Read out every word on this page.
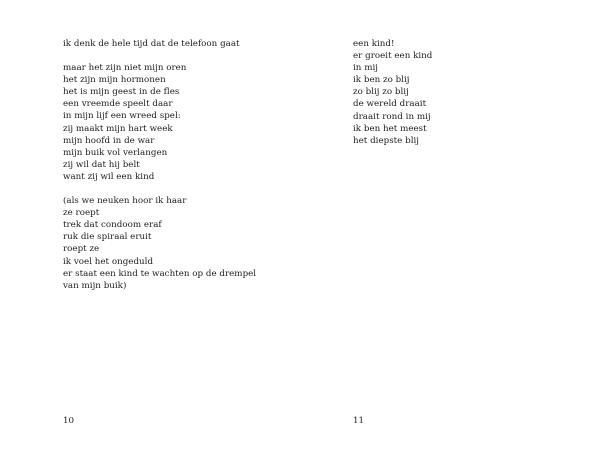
ik denk de hele tijd dat de telefoon gaat
maar het zijn niet mijn oren
het zijn mijn hormonen
het is mijn geest in de fles
een vreemde speelt daar
in mijn lijf een wreed spel:
zij maakt mijn hart week
mijn hoofd in de war
mijn buik vol verlangen
zij wil dat hij belt
want zij wil een kind
(als we neuken hoor ik haar
ze roept
trek dat condoom eraf
ruk die spiraal eruit
roept ze
ik voel het ongeduld
er staat een kind te wachten op de drempel
van mijn buik)
10
een kind!
er groeit een kind
in mij
ik ben zo blij
zo blij zo blij
de wereld draait
draait rond in mij
ik ben het meest
het diepste blij
11
